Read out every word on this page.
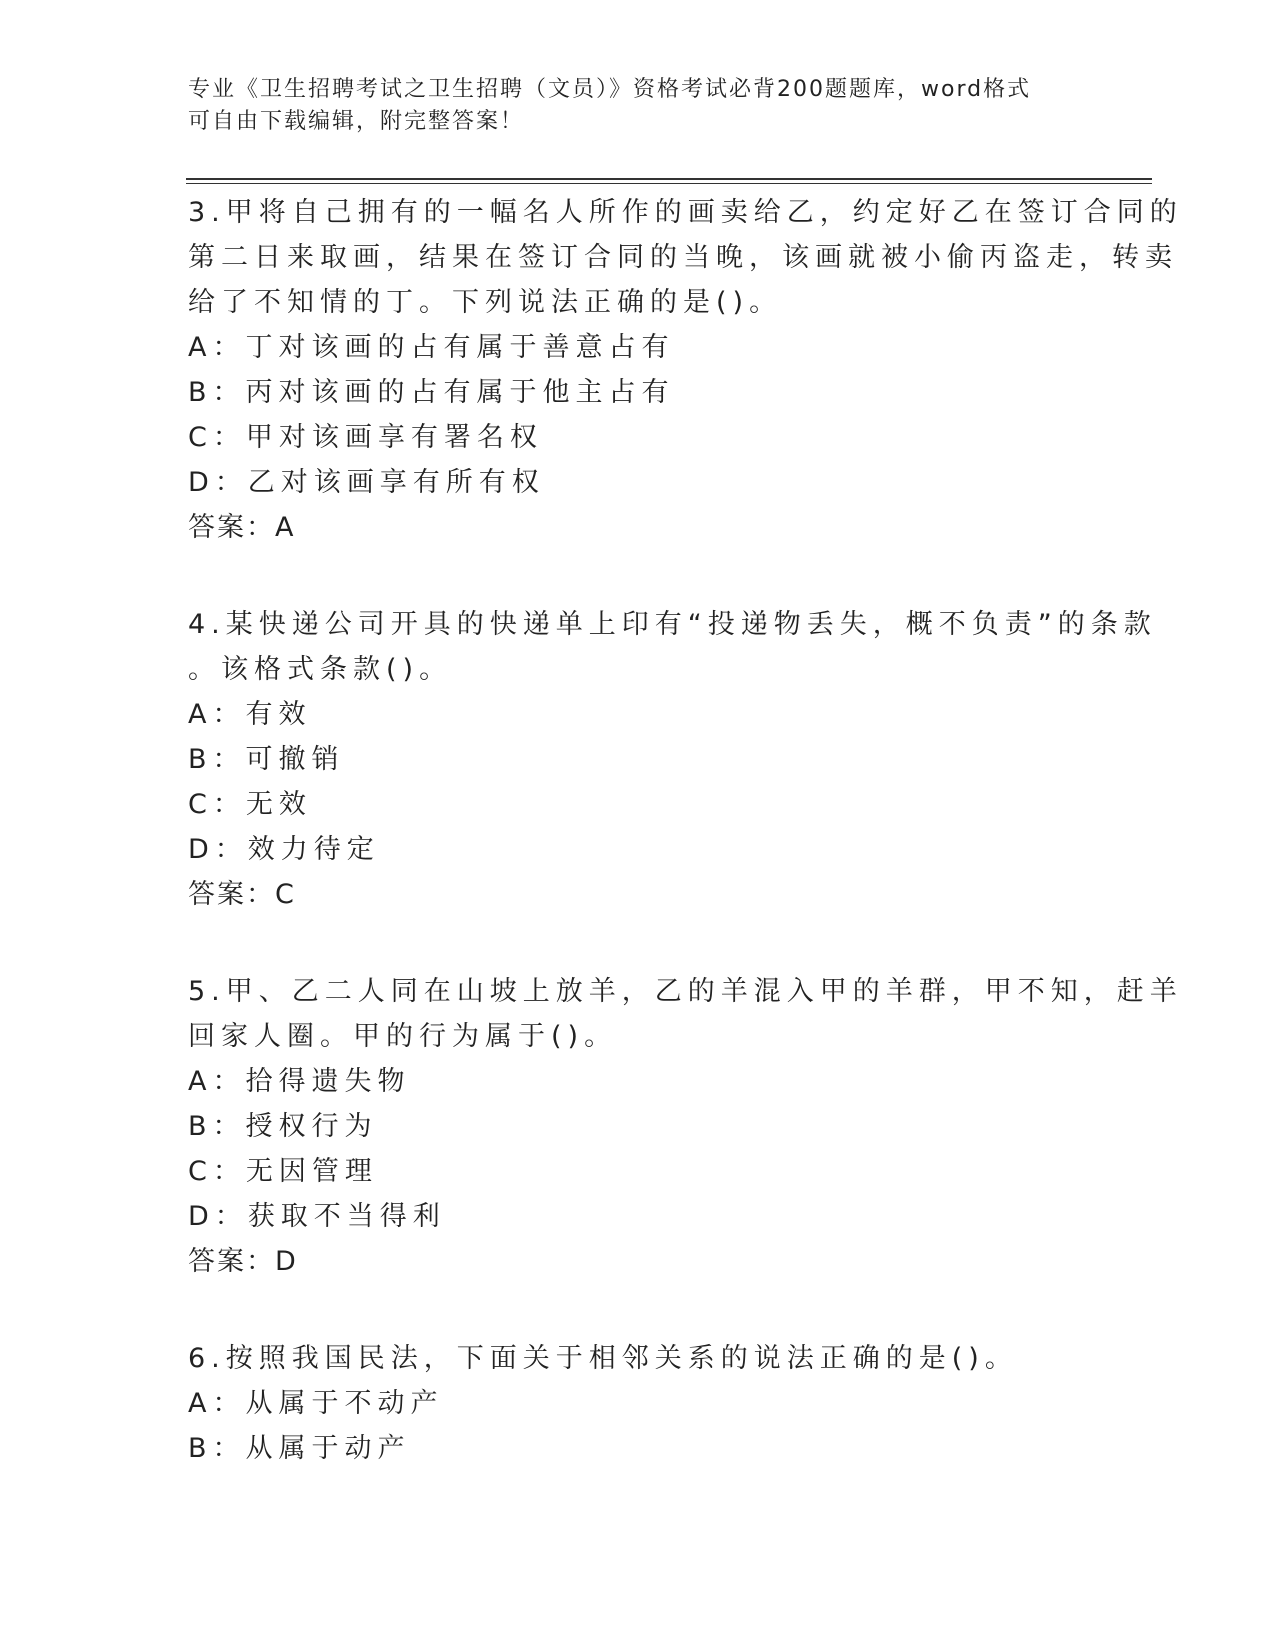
专业《卫生招聘考试之卫生招聘（文员）》资格考试必背200题题库，word格式
可自由下载编辑，附完整答案！
3.甲将自己拥有的一幅名人所作的画卖给乙，约定好乙在签订合同的
第二日来取画，结果在签订合同的当晚，该画就被小偷丙盗走，转卖
给了不知情的丁。下列说法正确的是()。
A：丁对该画的占有属于善意占有
B：丙对该画的占有属于他主占有
C：甲对该画享有署名权
D：乙对该画享有所有权
答案：A
4.某快递公司开具的快递单上印有“投递物丢失，概不负责”的条款
。该格式条款()。
A：有效
B：可撤销
C：无效
D：效力待定
答案：C
5.甲、乙二人同在山坡上放羊，乙的羊混入甲的羊群，甲不知，赶羊
回家人圈。甲的行为属于()。
A：拾得遗失物
B：授权行为
C：无因管理
D：获取不当得利
答案：D
6.按照我国民法，下面关于相邻关系的说法正确的是()。
A：从属于不动产
B：从属于动产
